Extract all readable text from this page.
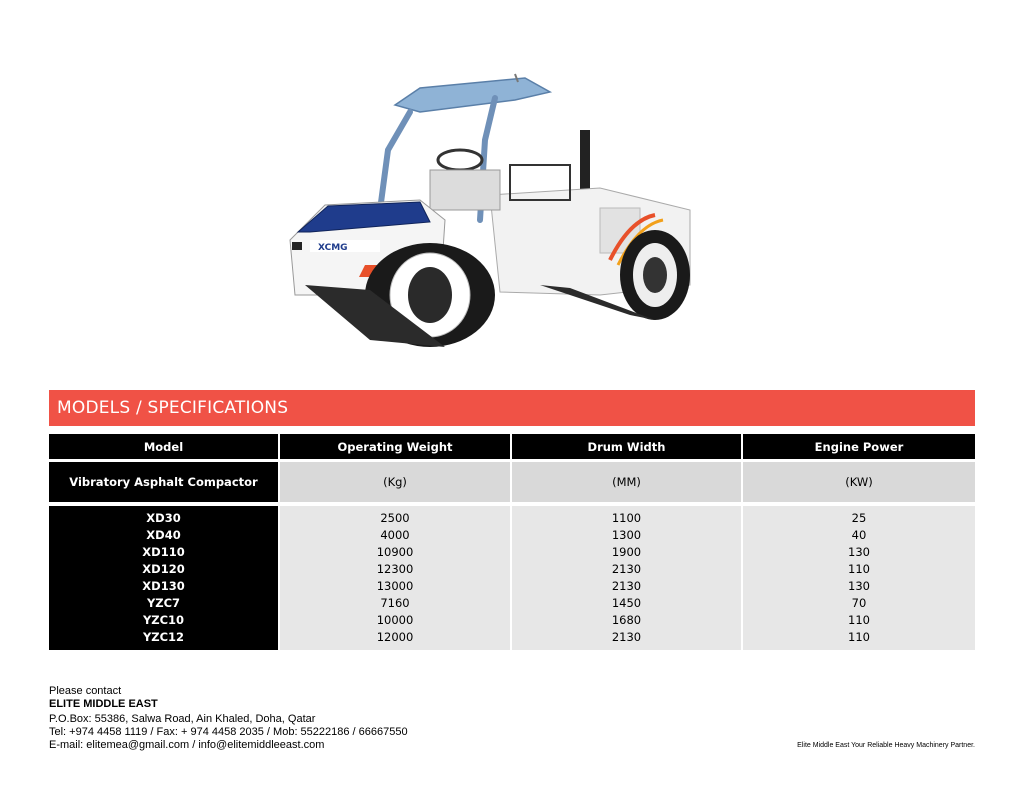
XCMG
MODELS / SPECIFICATIONS
Model	Operating Weight	Drum Width	Engine Power

Vibratory Asphalt Compactor	(Kg)	(MM)	(KW)

XD30	2500	1100	25
XD40	4000	1300	40
XD110	10900	1900	130
XD120	12300	2130	110
XD130	13000	2130	130
YZC7	7160	1450	70
YZC10	10000	1680	110
YZC12	12000	2130	110
Please contact
ELITE MIDDLE EAST
P.O.Box: 55386, Salwa Road, Ain Khaled, Doha, Qatar
Tel: +974 4458 1119 / Fax: + 974 4458 2035 / Mob: 55222186 / 66667550
E-mail: elitemea@gmail.com / info@elitemiddleeast.com	Elite Middle East Your Reliable Heavy Machinery Partner.
